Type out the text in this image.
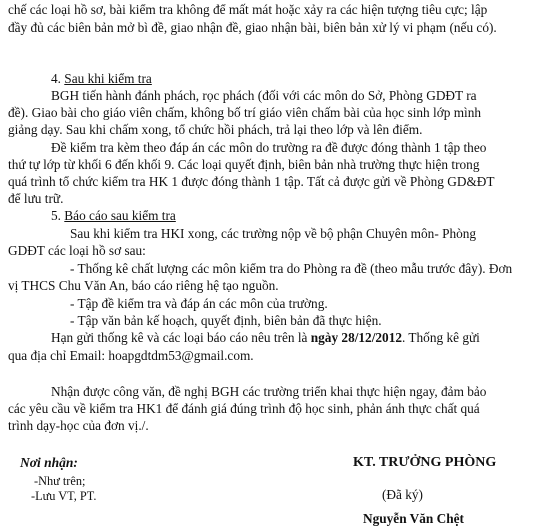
chế các loại hồ sơ, bài kiểm tra không để mất mát hoặc xảy ra các hiện tượng tiêu cực; lập
đầy đủ các biên bản mở bì đề, giao nhận đề, giao nhận bài, biên bản xử lý vi phạm (nếu có).
4. Sau khi kiểm tra
BGH tiến hành đánh phách, rọc phách (đối với các môn do Sở, Phòng GDĐT ra
đề). Giao bài cho giáo viên chấm, không bố trí giáo viên chấm bài của học sinh lớp mình
giảng dạy. Sau khi chấm xong, tổ chức hồi phách, trả lại theo lớp và lên điểm.
Đề kiểm tra kèm theo đáp án các môn do trường ra đề được đóng thành 1 tập theo
thứ tự lớp từ khối 6 đến khối 9. Các loại quyết định, biên bản nhà trường thực hiện trong
quá trình tổ chức kiểm tra HK 1 được đóng thành 1 tập. Tất cả được gửi về Phòng GD&ĐT
để lưu trữ.
5. Báo cáo sau kiểm tra
Sau khi kiểm tra HKI xong, các trường nộp về bộ phận Chuyên môn- Phòng
GDĐT các loại hồ sơ sau:
- Thống kê chất lượng các môn kiểm tra do Phòng ra đề (theo mẫu trước đây). Đơn
vị THCS Chu Văn An, báo cáo riêng hệ tạo nguồn.
- Tập đề kiểm tra và đáp án các môn của trường.
- Tập văn bản kế hoạch, quyết định, biên bản đã thực hiện.
Hạn gửi thống kê và các loại báo cáo nêu trên là ngày 28/12/2012. Thống kê gửi
qua địa chỉ Email: hoapgdtdm53@gmail.com.
Nhận được công văn, đề nghị BGH các trường triển khai thực hiện ngay, đảm bảo
các yêu cầu về kiểm tra HK1 để đánh giá đúng trình độ học sinh, phản ánh thực chất quá
trình dạy-học của đơn vị./.
Nơi nhận:
-Như trên;
-Lưu VT, PT.
KT. TRƯỞNG PHÒNG
(Đã ký)
Nguyễn Văn Chệt
